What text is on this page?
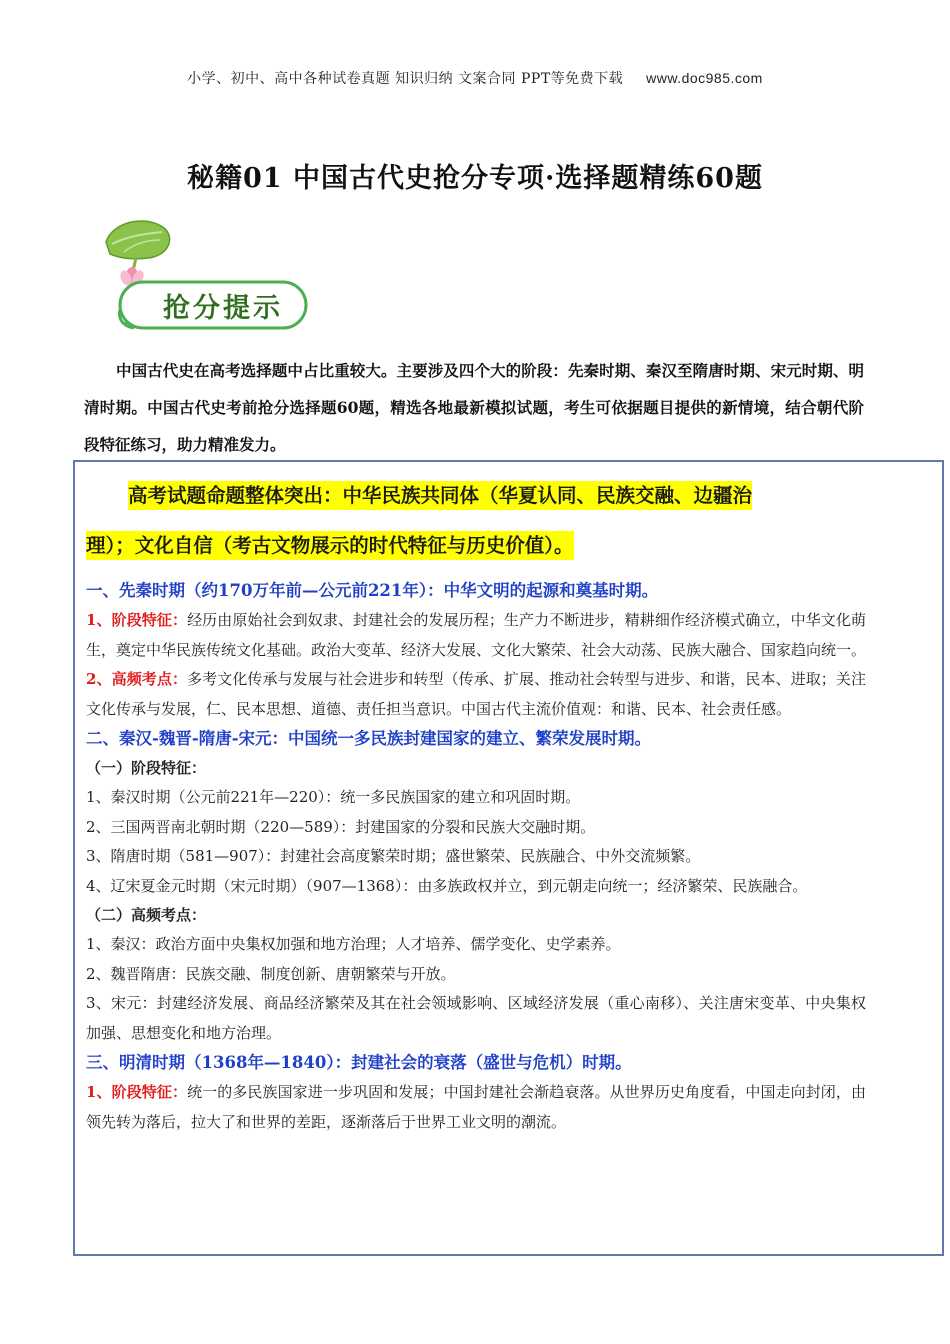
小学、初中、高中各种试卷真题 知识归纳 文案合同 PPT等免费下载 www.doc985.com
秘籍01 中国古代史抢分专项·选择题精练60题
抢分提示
中国古代史在高考选择题中占比重较大。主要涉及四个大的阶段：先秦时期、秦汉至隋唐时期、宋元时期、明清时期。中国古代史考前抢分选择题60题，精选各地最新模拟试题，考生可依据题目提供的新情境，结合朝代阶段特征练习，助力精准发力。
高考试题命题整体突出：中华民族共同体（华夏认同、民族交融、边疆治
理）；文化自信（考古文物展示的时代特征与历史价值）。
一、先秦时期（约170万年前—公元前221年）：中华文明的起源和奠基时期。
1、阶段特征：经历由原始社会到奴隶、封建社会的发展历程；生产力不断进步，精耕细作经济模式确立，中华文化萌生，奠定中华民族传统文化基础。政治大变革、经济大发展、文化大繁荣、社会大动荡、民族大融合、国家趋向统一。
2、高频考点：多考文化传承与发展与社会进步和转型（传承、扩展、推动社会转型与进步、和谐，民本、进取；关注文化传承与发展，仁、民本思想、道德、责任担当意识。中国古代主流价值观：和谐、民本、社会责任感。
二、秦汉-魏晋-隋唐-宋元：中国统一多民族封建国家的建立、繁荣发展时期。
（一）阶段特征：
1、秦汉时期（公元前221年—220）：统一多民族国家的建立和巩固时期。
2、三国两晋南北朝时期（220—589）：封建国家的分裂和民族大交融时期。
3、隋唐时期（581—907）：封建社会高度繁荣时期；盛世繁荣、民族融合、中外交流频繁。
4、辽宋夏金元时期（宋元时期）（907—1368）：由多族政权并立，到元朝走向统一；经济繁荣、民族融合。
（二）高频考点：
1、秦汉：政治方面中央集权加强和地方治理；人才培养、儒学变化、史学素养。
2、魏晋隋唐：民族交融、制度创新、唐朝繁荣与开放。
3、宋元：封建经济发展、商品经济繁荣及其在社会领域影响、区域经济发展（重心南移）、关注唐宋变革、中央集权加强、思想变化和地方治理。
三、明清时期（1368年—1840）：封建社会的衰落（盛世与危机）时期。
1、阶段特征：统一的多民族国家进一步巩固和发展；中国封建社会渐趋衰落。从世界历史角度看，中国走向封闭，由领先转为落后，拉大了和世界的差距，逐渐落后于世界工业文明的潮流。
